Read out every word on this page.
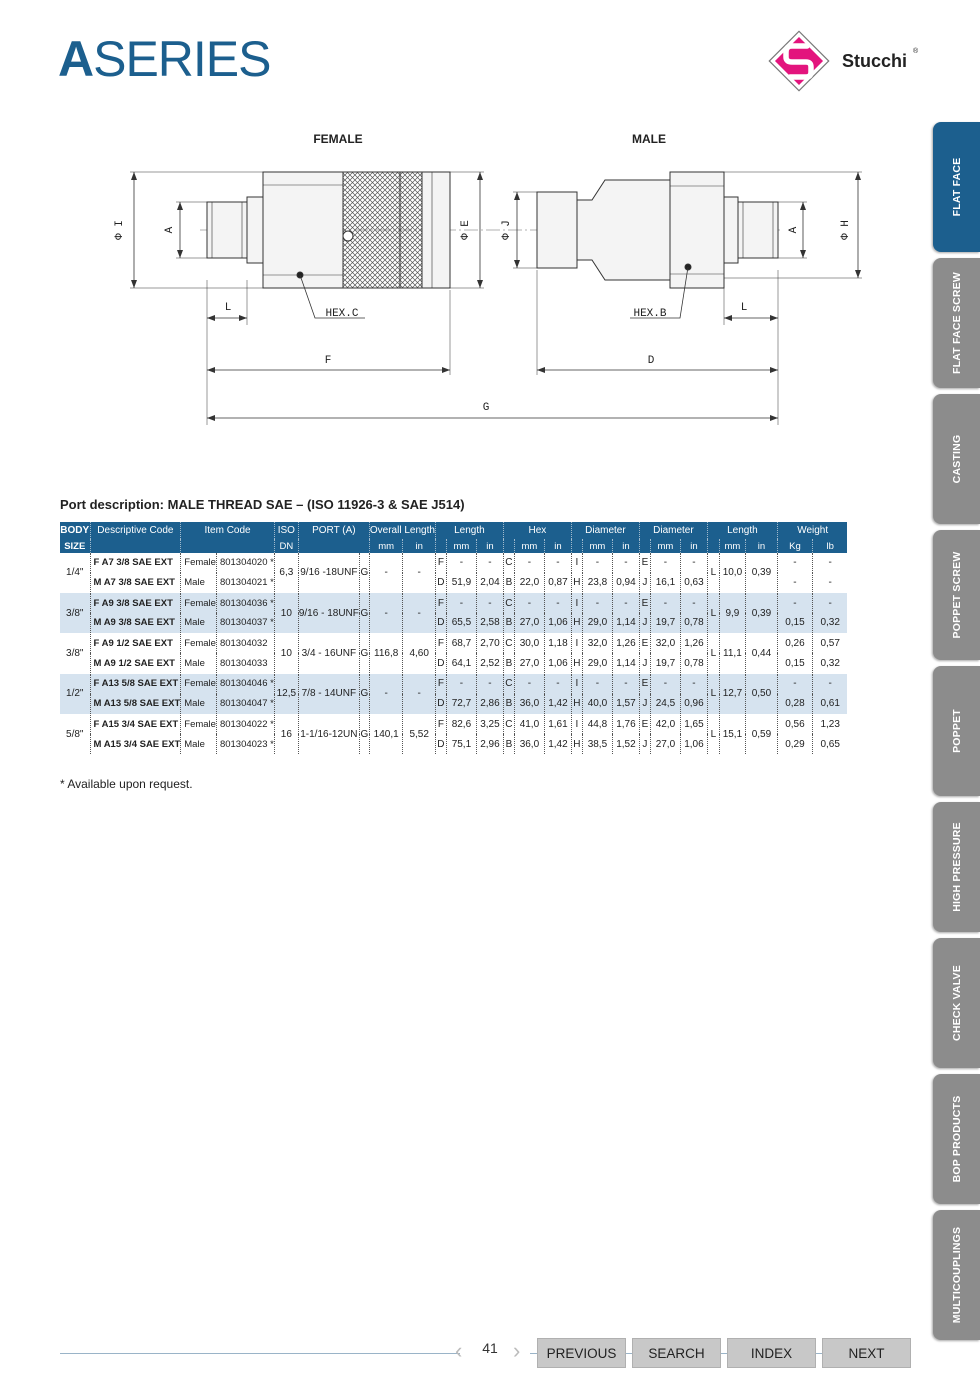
ASERIES	Stucchi ®
FLAT FACE
FLAT FACE SCREW
CASTING
POPPET SCREW
POPPET
HIGH PRESSURE
CHECK VALVE
BOP PRODUCTS
MULTICOUPLINGS
FEMALE	MALE
Φ I	A	Φ E	Φ J	A	Φ H
L	L
HEX.C	HEX.B
F	D
G
Port description: MALE THREAD SAE – (ISO 11926-3 & SAE J514)
BODY	Descriptive Code	Item Code		ISO	PORT (A)		Overall Length		Length			Hex			Diameter			Diameter			Length			Weight	
SIZE				DN			mm	in		mm	in		mm	in		mm	in		mm	in		mm	in	Kg	lb
1/4"	F A7 3/8 SAE EXT	Female	801304020 *	6,3	9/16 -18UNF	G	-	-	F	-	-	C	-	-	I	-	-	E	-	-	L	10,0	0,39	-	-
	M A7 3/8 SAE EXT	Male	801304021 *						D	51,9	2,04	B	22,0	0,87	H	23,8	0,94	J	16,1	0,63				-	-
3/8"	F A9 3/8 SAE EXT	Female	801304036 *	10	9/16 - 18UNF	G	-	-	F	-	-	C	-	-	I	-	-	E	-	-	L	9,9	0,39	-	-
	M A9 3/8 SAE EXT	Male	801304037 *						D	65,5	2,58	B	27,0	1,06	H	29,0	1,14	J	19,7	0,78				0,15	0,32
3/8"	F A9 1/2 SAE EXT	Female	801304032	10	3/4 - 16UNF	G	116,8	4,60	F	68,7	2,70	C	30,0	1,18	I	32,0	1,26	E	32,0	1,26	L	11,1	0,44	0,26	0,57
	M A9 1/2 SAE EXT	Male	801304033						D	64,1	2,52	B	27,0	1,06	H	29,0	1,14	J	19,7	0,78				0,15	0,32
1/2"	F A13 5/8 SAE EXT	Female	801304046 *	12,5	7/8 - 14UNF	G	-	-	F	-	-	C	-	-	I	-	-	E	-	-	L	12,7	0,50	-	-
	M A13 5/8 SAE EXT	Male	801304047 *						D	72,7	2,86	B	36,0	1,42	H	40,0	1,57	J	24,5	0,96				0,28	0,61
5/8"	F A15 3/4 SAE EXT	Female	801304022 *	16	1-1/16-12UN	G	140,1	5,52	F	82,6	3,25	C	41,0	1,61	I	44,8	1,76	E	42,0	1,65	L	15,1	0,59	0,56	1,23
	M A15 3/4 SAE EXT	Male	801304023 *						D	75,1	2,96	B	36,0	1,42	H	38,5	1,52	J	27,0	1,06				0,29	0,65
* Available upon request.
‹	41 ›	PREVIOUS	SEARCH	INDEX	NEXT
